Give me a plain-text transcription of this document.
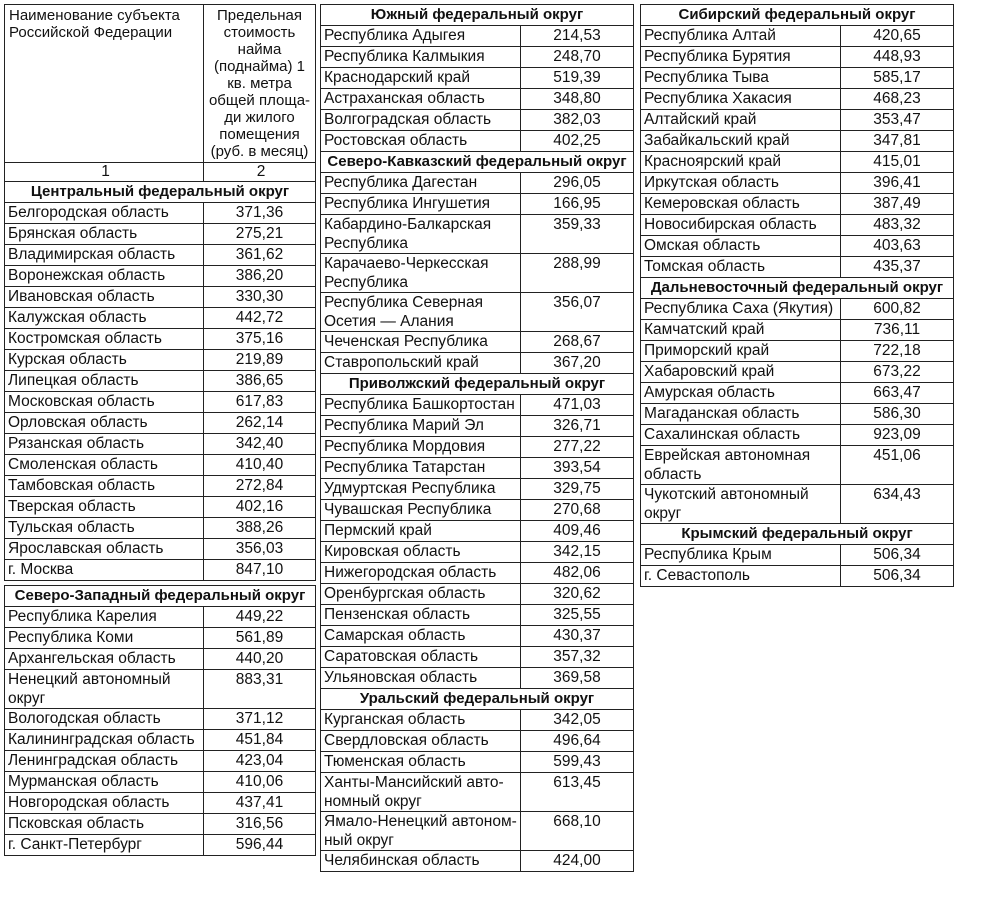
Наименование субъекта Российской Федерации	Предельная стоимость найма (поднайма) 1 кв. метра общей площа-ди жилого помещения (руб. в месяц)
1	2
Центральный федеральный округ	
Белгородская область	371,36
Брянская область	275,21
Владимирская область	361,62
Воронежская область	386,20
Ивановская область	330,30
Калужская область	442,72
Костромская область	375,16
Курская область	219,89
Липецкая область	386,65
Московская область	617,83
Орловская область	262,14
Рязанская область	342,40
Смоленская область	410,40
Тамбовская область	272,84
Тверская область	402,16
Тульская область	388,26
Ярославская область	356,03
г. Москва	847,10
Северо-Западный федеральный округ	
Республика Карелия	449,22
Республика Коми	561,89
Архангельская область	440,20
Ненецкий автономный округ	883,31
Вологодская область	371,12
Калининградская область	451,84
Ленинградская область	423,04
Мурманская область	410,06
Новгородская область	437,41
Псковская область	316,56
г. Санкт-Петербург	596,44
Южный федеральный округ	
Республика Адыгея	214,53
Республика Калмыкия	248,70
Краснодарский край	519,39
Астраханская область	348,80
Волгоградская область	382,03
Ростовская область	402,25
Северо-Кавказский федеральный округ	
Республика Дагестан	296,05
Республика Ингушетия	166,95
Кабардино-Балкарская Республика	359,33
Карачаево-Черкесская Республика	288,99
Республика Северная Осетия — Алания	356,07
Чеченская Республика	268,67
Ставропольский край	367,20
Приволжский федеральный округ	
Республика Башкортостан	471,03
Республика Марий Эл	326,71
Республика Мордовия	277,22
Республика Татарстан	393,54
Удмуртская Республика	329,75
Чувашская Республика	270,68
Пермский край	409,46
Кировская область	342,15
Нижегородская область	482,06
Оренбургская область	320,62
Пензенская область	325,55
Самарская область	430,37
Саратовская область	357,32
Ульяновская область	369,58
Уральский федеральный округ	
Курганская область	342,05
Свердловская область	496,64
Тюменская область	599,43
Ханты-Мансийский авто-номный округ	613,45
Ямало-Ненецкий автоном-ный округ	668,10
Челябинская область	424,00
Сибирский федеральный округ	
Республика Алтай	420,65
Республика Бурятия	448,93
Республика Тыва	585,17
Республика Хакасия	468,23
Алтайский край	353,47
Забайкальский край	347,81
Красноярский край	415,01
Иркутская область	396,41
Кемеровская область	387,49
Новосибирская область	483,32
Омская область	403,63
Томская область	435,37
Дальневосточный федеральный округ	
Республика Саха (Якутия)	600,82
Камчатский край	736,11
Приморский край	722,18
Хабаровский край	673,22
Амурская область	663,47
Магаданская область	586,30
Сахалинская область	923,09
Еврейская автономная область	451,06
Чукотский автономный округ	634,43
Крымский федеральный округ	
Республика Крым	506,34
г. Севастополь	506,34
